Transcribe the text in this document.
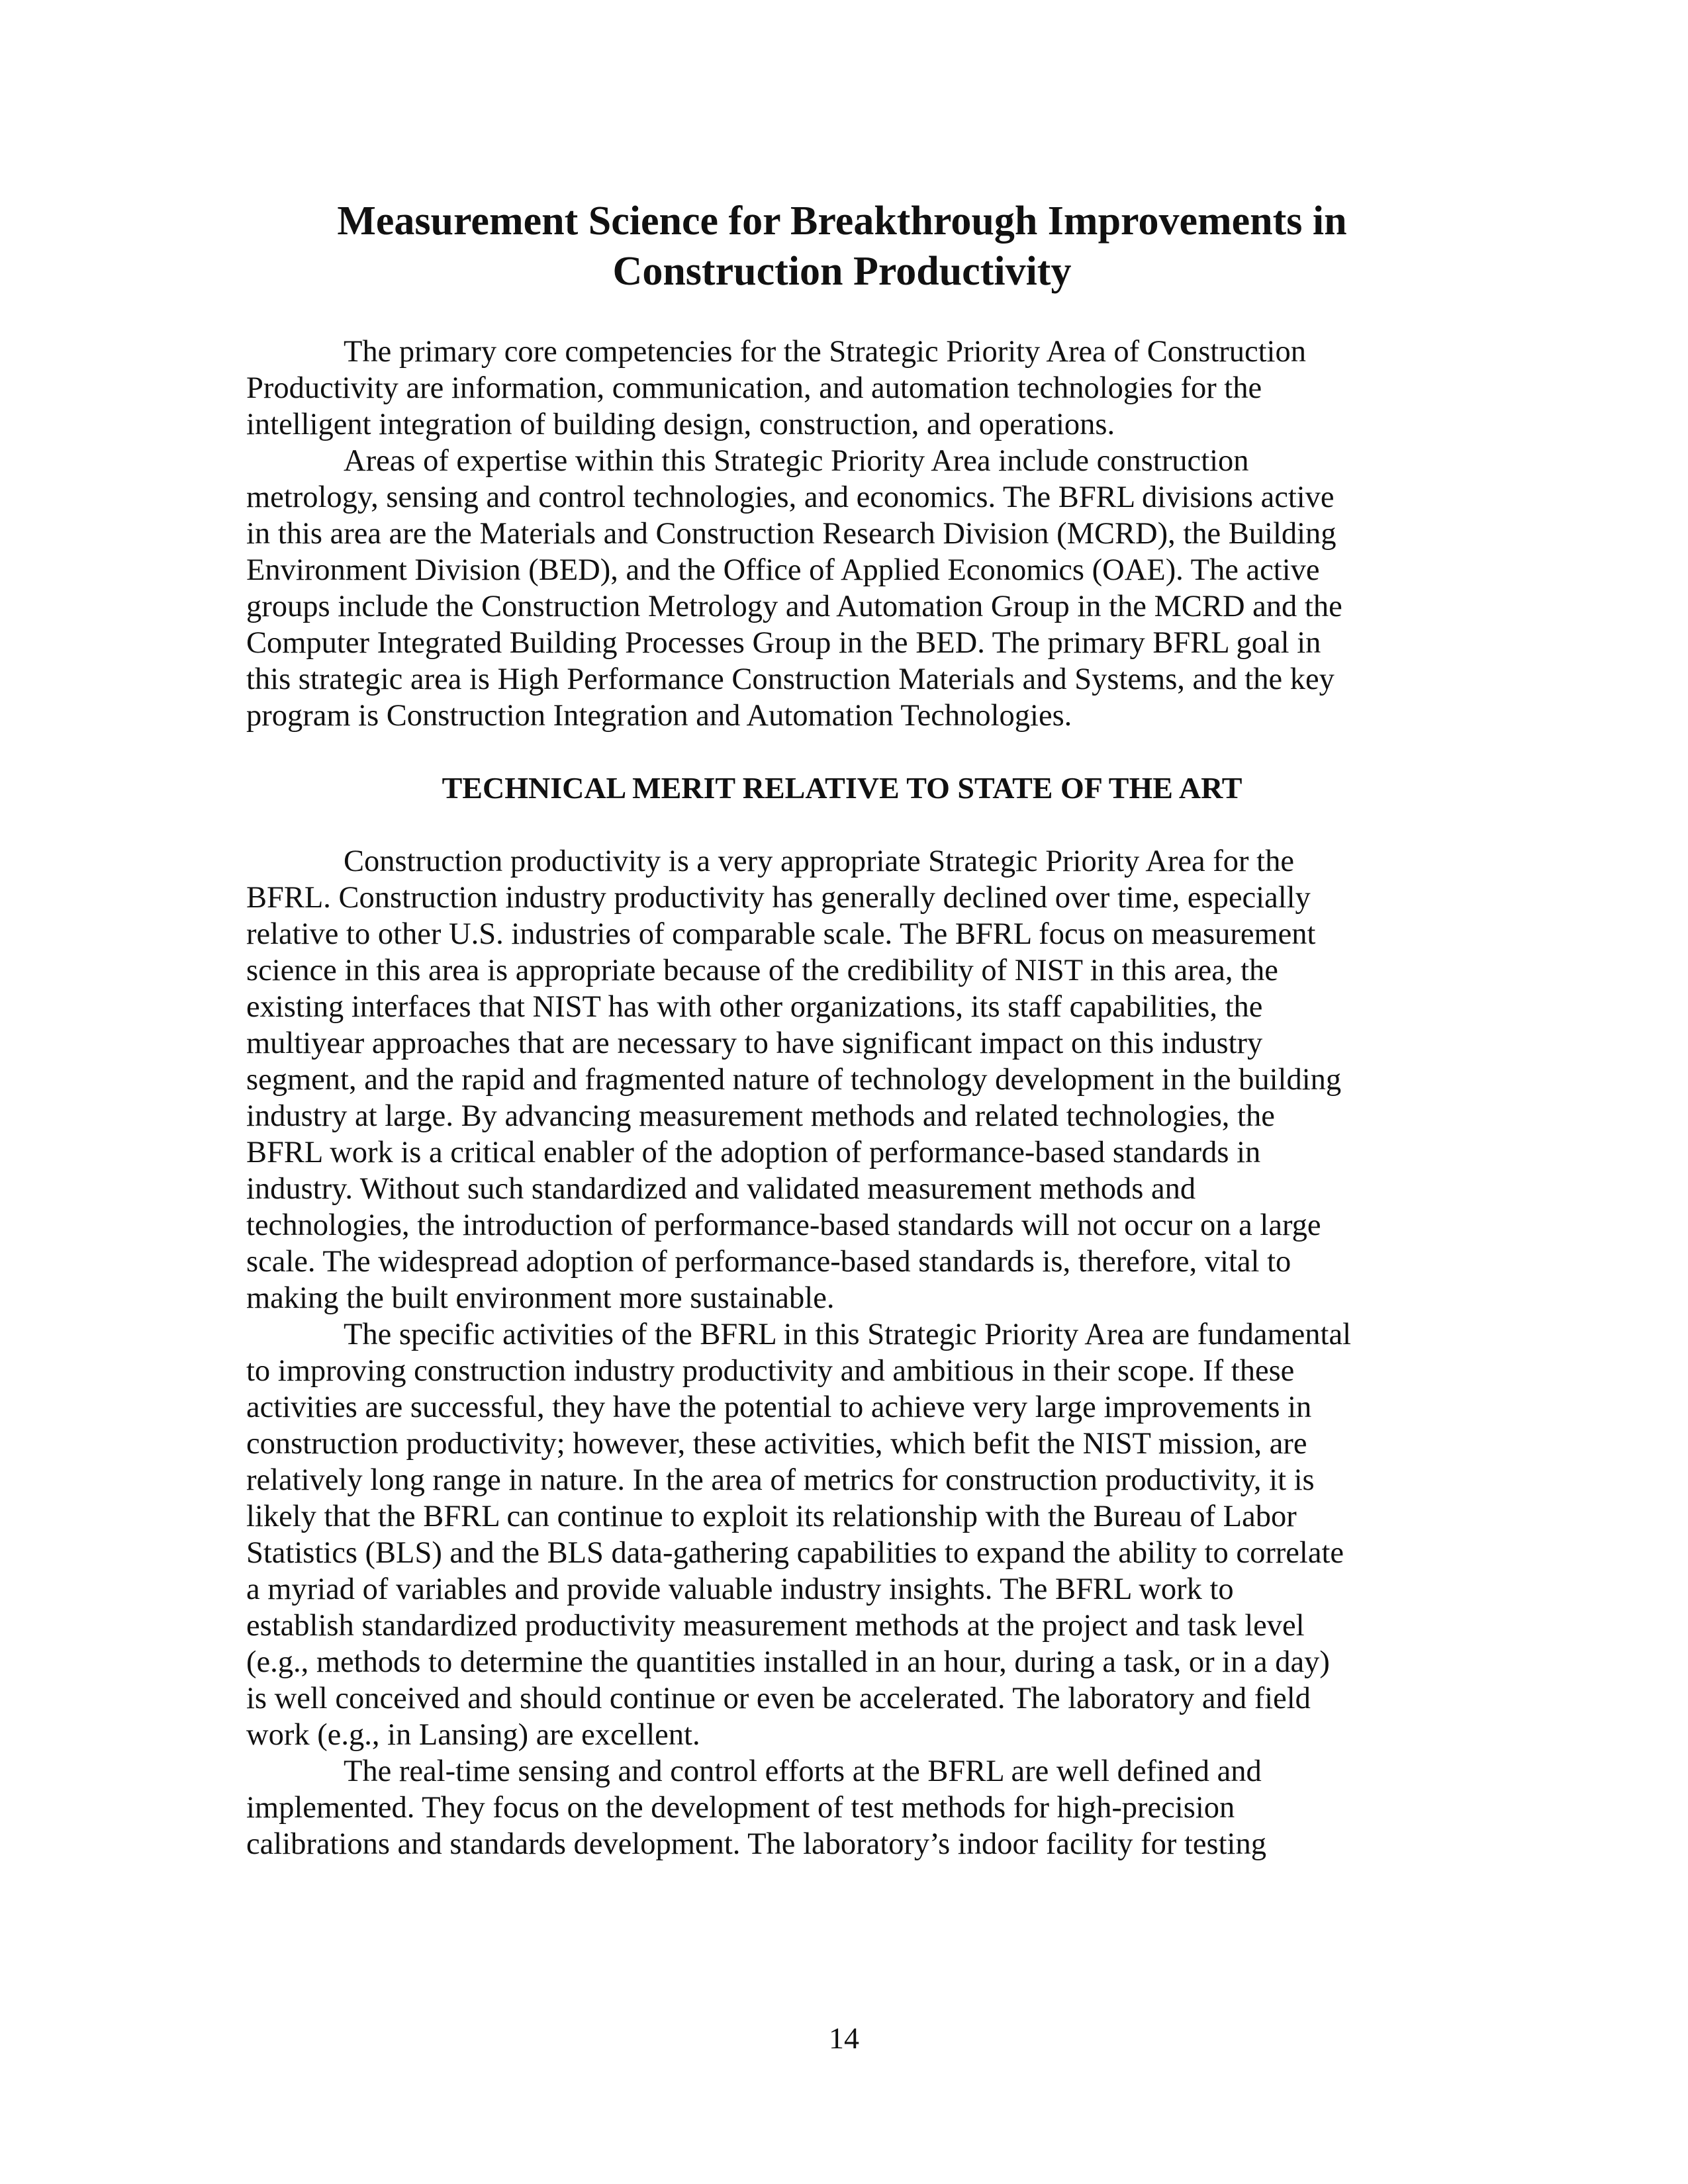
Measurement Science for Breakthrough Improvements in
Construction Productivity

The primary core competencies for the Strategic Priority Area of Construction
Productivity are information, communication, and automation technologies for the
intelligent integration of building design, construction, and operations.

Areas of expertise within this Strategic Priority Area include construction
metrology, sensing and control technologies, and economics. The BFRL divisions active
in this area are the Materials and Construction Research Division (MCRD), the Building
Environment Division (BED), and the Office of Applied Economics (OAE). The active
groups include the Construction Metrology and Automation Group in the MCRD and the
Computer Integrated Building Processes Group in the BED. The primary BFRL goal in
this strategic area is High Performance Construction Materials and Systems, and the key
program is Construction Integration and Automation Technologies.

TECHNICAL MERIT RELATIVE TO STATE OF THE ART

Construction productivity is a very appropriate Strategic Priority Area for the
BFRL. Construction industry productivity has generally declined over time, especially
relative to other U.S. industries of comparable scale. The BFRL focus on measurement
science in this area is appropriate because of the credibility of NIST in this area, the
existing interfaces that NIST has with other organizations, its staff capabilities, the
multiyear approaches that are necessary to have significant impact on this industry
segment, and the rapid and fragmented nature of technology development in the building
industry at large. By advancing measurement methods and related technologies, the
BFRL work is a critical enabler of the adoption of performance-based standards in
industry. Without such standardized and validated measurement methods and
technologies, the introduction of performance-based standards will not occur on a large
scale. The widespread adoption of performance-based standards is, therefore, vital to
making the built environment more sustainable.

The specific activities of the BFRL in this Strategic Priority Area are fundamental
to improving construction industry productivity and ambitious in their scope. If these
activities are successful, they have the potential to achieve very large improvements in
construction productivity; however, these activities, which befit the NIST mission, are
relatively long range in nature. In the area of metrics for construction productivity, it is
likely that the BFRL can continue to exploit its relationship with the Bureau of Labor
Statistics (BLS) and the BLS data-gathering capabilities to expand the ability to correlate
a myriad of variables and provide valuable industry insights. The BFRL work to
establish standardized productivity measurement methods at the project and task level
(e.g., methods to determine the quantities installed in an hour, during a task, or in a day)
is well conceived and should continue or even be accelerated. The laboratory and field
work (e.g., in Lansing) are excellent.

The real-time sensing and control efforts at the BFRL are well defined and
implemented. They focus on the development of test methods for high-precision
calibrations and standards development. The laboratory’s indoor facility for testing

14
